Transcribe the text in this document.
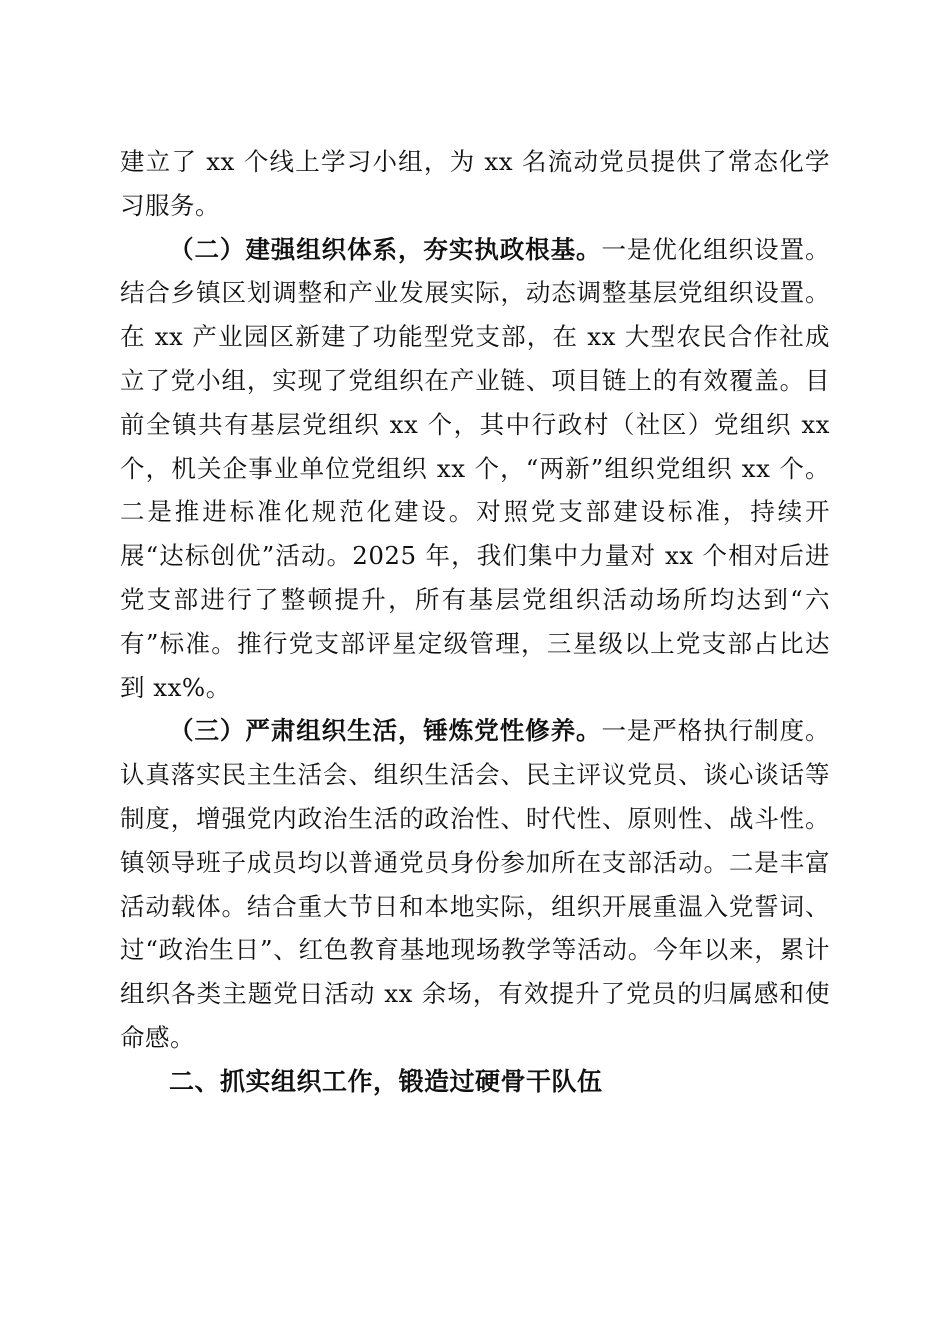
建立了 xx 个线上学习小组，为 xx 名流动党员提供了常态化学习服务。

（二）建强组织体系，夯实执政根基。一是优化组织设置。结合乡镇区划调整和产业发展实际，动态调整基层党组织设置。在 xx 产业园区新建了功能型党支部，在 xx 大型农民合作社成立了党小组，实现了党组织在产业链、项目链上的有效覆盖。目前全镇共有基层党组织 xx 个，其中行政村（社区）党组织 xx 个，机关企事业单位党组织 xx 个，“两新”组织党组织 xx 个。二是推进标准化规范化建设。对照党支部建设标准，持续开展“达标创优”活动。2025 年，我们集中力量对 xx 个相对后进党支部进行了整顿提升，所有基层党组织活动场所均达到“六有”标准。推行党支部评星定级管理，三星级以上党支部占比达到 xx%。

（三）严肃组织生活，锤炼党性修养。一是严格执行制度。认真落实民主生活会、组织生活会、民主评议党员、谈心谈话等制度，增强党内政治生活的政治性、时代性、原则性、战斗性。镇领导班子成员均以普通党员身份参加所在支部活动。二是丰富活动载体。结合重大节日和本地实际，组织开展重温入党誓词、过“政治生日”、红色教育基地现场教学等活动。今年以来，累计组织各类主题党日活动 xx 余场，有效提升了党员的归属感和使命感。

二、抓实组织工作，锻造过硬骨干队伍
